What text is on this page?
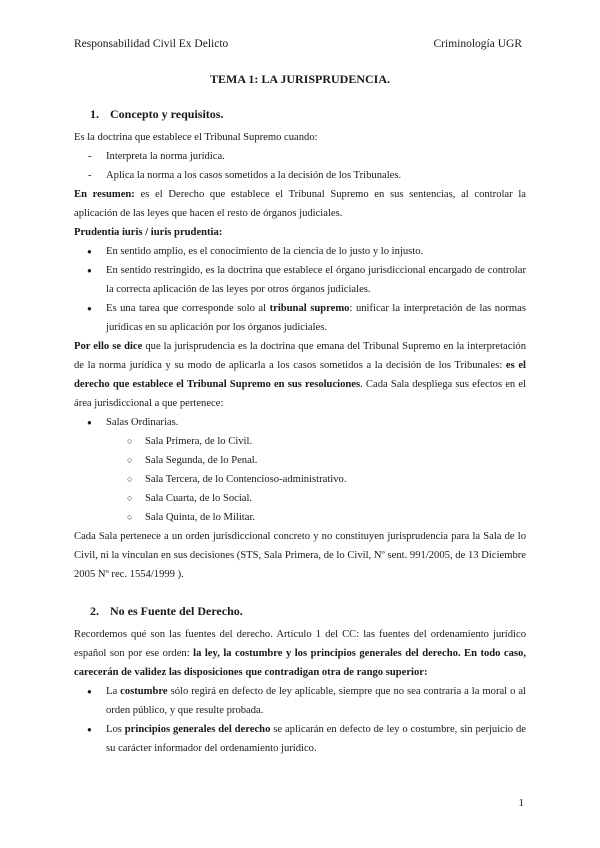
Responsabilidad Civil Ex Delicto	Criminología UGR
TEMA 1: LA JURISPRUDENCIA.
1. Concepto y requisitos.

Es la doctrina que establece el Tribunal Supremo cuando:

- Interpreta la norma jurídica.
- Aplica la norma a los casos sometidos a la decisión de los Tribunales.

En resumen: es el Derecho que establece el Tribunal Supremo en sus sentencias, al controlar la aplicación de las leyes que hacen el resto de órganos judiciales.

Prudentia iuris / iuris prudentia:

● En sentido amplio, es el conocimiento de la ciencia de lo justo y lo injusto.
● En sentido restringido, es la doctrina que establece el órgano jurisdiccional encargado de controlar la correcta aplicación de las leyes por otros órganos judiciales.
● Es una tarea que corresponde solo al tribunal supremo: unificar la interpretación de las normas jurídicas en su aplicación por los órganos judiciales.

Por ello se dice que la jurisprudencia es la doctrina que emana del Tribunal Supremo en la interpretación de la norma jurídica y su modo de aplicarla a los casos sometidos a la decisión de los Tribunales: es el derecho que establece el Tribunal Supremo en sus resoluciones. Cada Sala despliega sus efectos en el área jurisdiccional a que pertenece:

● Salas Ordinarias.
○ Sala Primera, de lo Civil.
○ Sala Segunda, de lo Penal.
○ Sala Tercera, de lo Contencioso-administrativo.
○ Sala Cuarta, de lo Social.
○ Sala Quinta, de lo Militar.

Cada Sala pertenece a un orden jurisdiccional concreto y no constituyen jurisprudencia para la Sala de lo Civil, ni la vinculan en sus decisiones (STS, Sala Primera, de lo Civil, Nº sent. 991/2005, de 13 Diciembre 2005 Nº rec. 1554/1999 ).

2. No es Fuente del Derecho.

Recordemos qué son las fuentes del derecho. Artículo 1 del CC: las fuentes del ordenamiento jurídico español son por ese orden: la ley, la costumbre y los principios generales del derecho. En todo caso, carecerán de validez las disposiciones que contradigan otra de rango superior:

● La costumbre sólo regirá en defecto de ley aplicable, siempre que no sea contraria a la moral o al orden público, y que resulte probada.
● Los principios generales del derecho se aplicarán en defecto de ley o costumbre, sin perjuicio de su carácter informador del ordenamiento jurídico.
1
